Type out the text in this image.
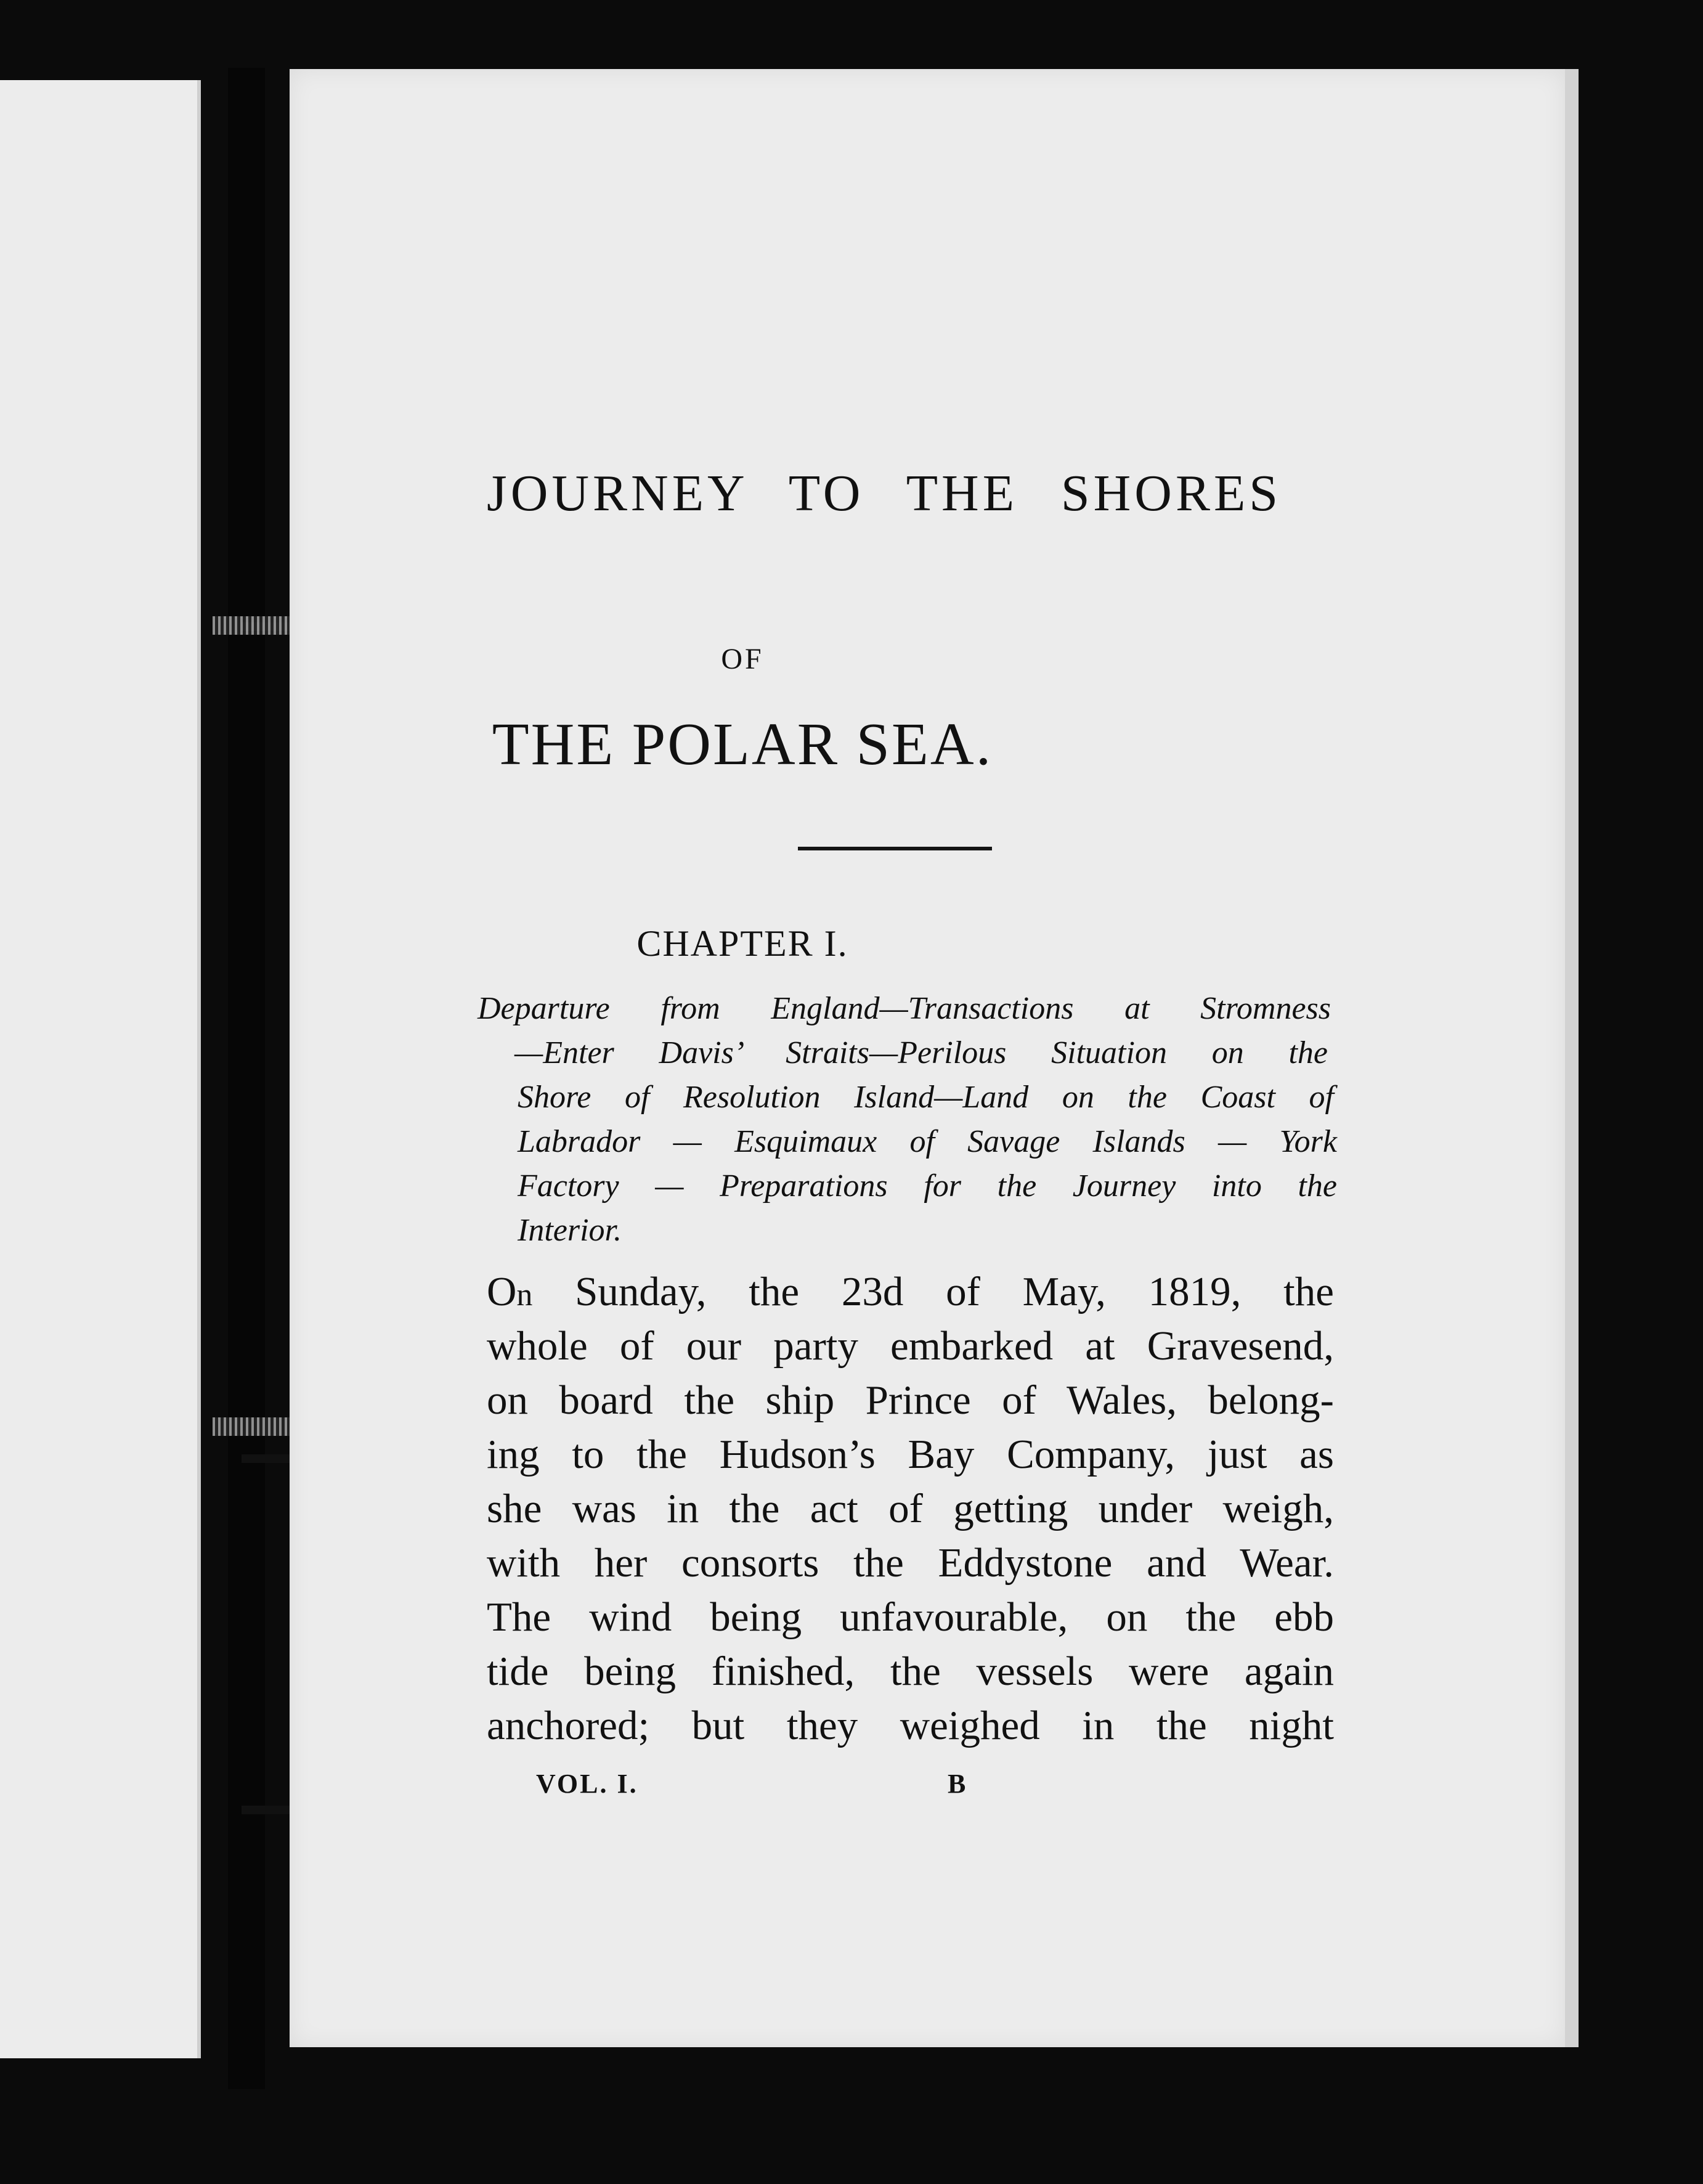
JOURNEY TO THE SHORES
OF
THE POLAR SEA.
CHAPTER I.
Departure from England—Transactions at Stromness
—Enter Davis’ Straits—Perilous Situation on the
Shore of Resolution Island—Land on the Coast of
Labrador — Esquimaux of Savage Islands — York
Factory — Preparations for the Journey into the
Interior.
On Sunday, the 23d of May, 1819, the
whole of our party embarked at Gravesend,
on board the ship Prince of Wales, belong-
ing to the Hudson’s Bay Company, just as
she was in the act of getting under weigh,
with her consorts the Eddystone and Wear.
The wind being unfavourable, on the ebb
tide being finished, the vessels were again
anchored; but they weighed in the night
VOL. I.	B
